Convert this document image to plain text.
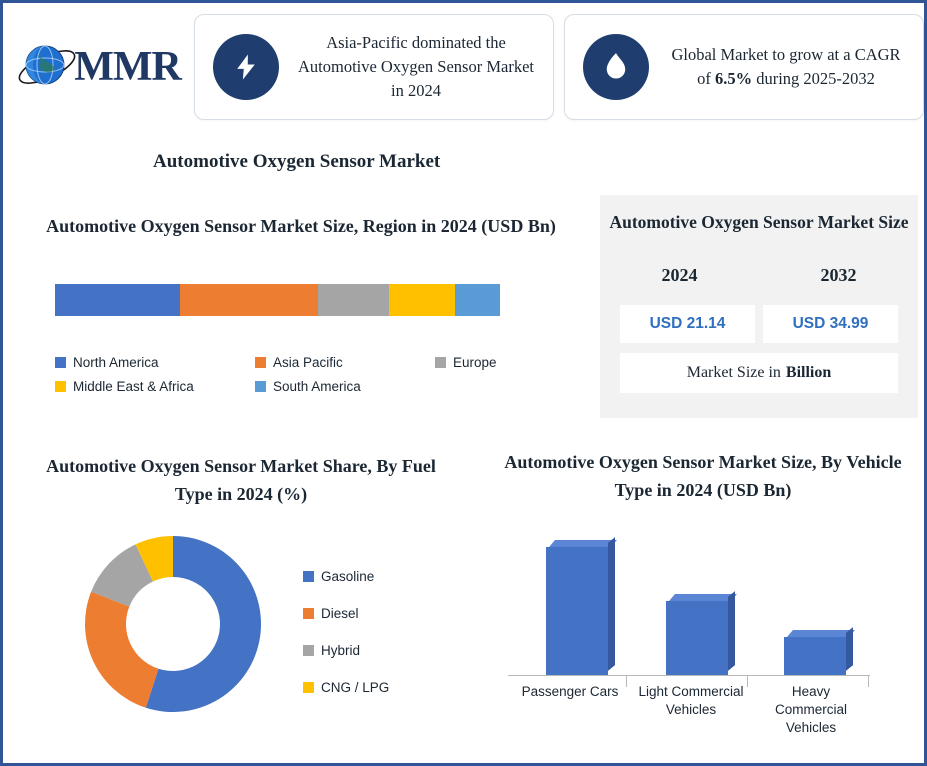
MMR
Asia-Pacific dominated the Automotive Oxygen Sensor Market in 2024
Global Market to grow at a CAGR of 6.5% during 2025-2032
Automotive Oxygen Sensor Market
Automotive Oxygen Sensor Market Size, Region in 2024 (USD Bn)
North America	Asia Pacific	Europe
Middle East & Africa	South America
Automotive Oxygen Sensor Market Size
2024	2032
USD 21.14	USD 34.99
Market Size in Billion
Automotive Oxygen Sensor Market Share, By Fuel Type in 2024 (%)
Gasoline
Diesel
Hybrid
CNG / LPG
Automotive Oxygen Sensor Market Size, By Vehicle Type in 2024 (USD Bn)
Passenger Cars	Light Commercial Vehicles
Heavy Commercial Vehicles
